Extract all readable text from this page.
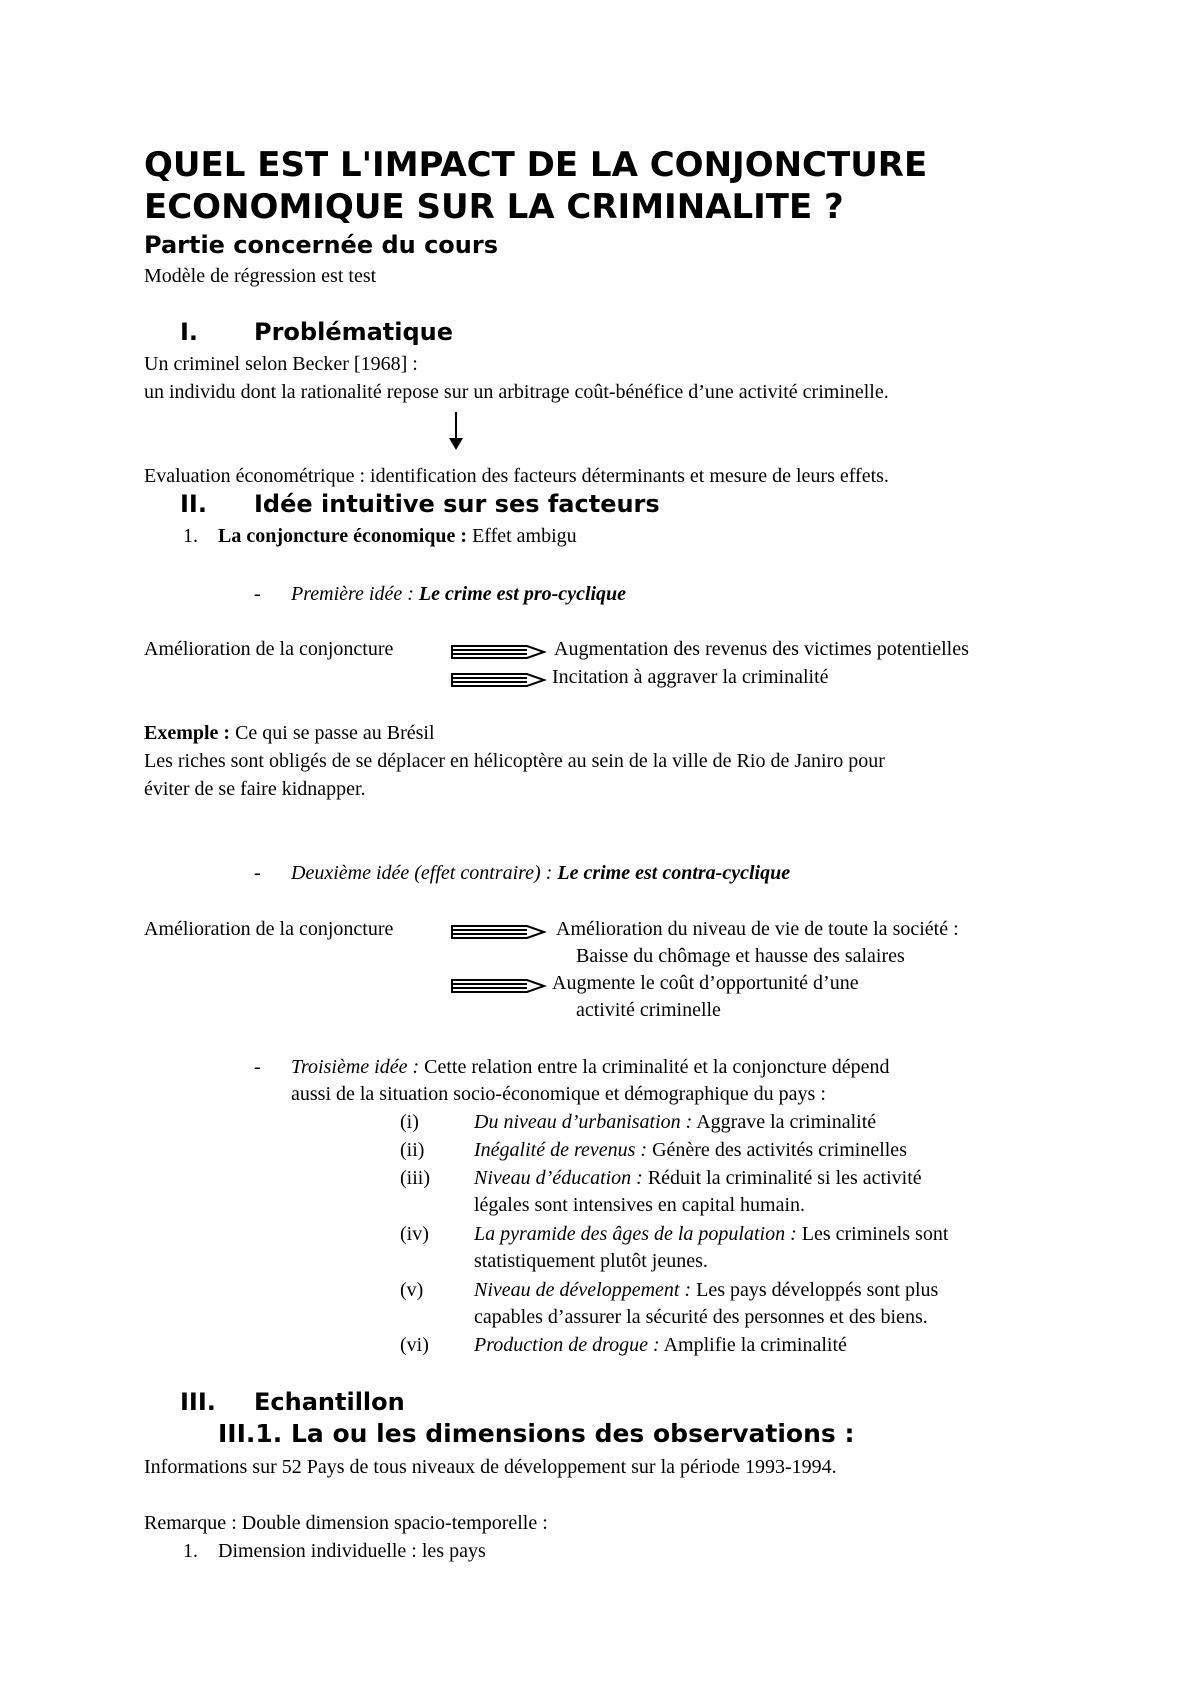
QUEL EST L'IMPACT DE LA CONJONCTURE
ECONOMIQUE SUR LA CRIMINALITE ?
Partie concernée du cours
Modèle de régression est test
I. Problématique
Un criminel selon Becker [1968] :
un individu dont la rationalité repose sur un arbitrage coût-bénéfice d’une activité criminelle.
Evaluation économétrique : identification des facteurs déterminants et mesure de leurs effets.
II. Idée intuitive sur ses facteurs
1. La conjoncture économique : Effet ambigu
- Première idée : Le crime est pro-cyclique
Amélioration de la conjoncture	Augmentation des revenus des victimes potentielles
Incitation à aggraver la criminalité
Exemple : Ce qui se passe au Brésil
Les riches sont obligés de se déplacer en hélicoptère au sein de la ville de Rio de Janiro pour
éviter de se faire kidnapper.
- Deuxième idée (effet contraire) : Le crime est contra-cyclique
Amélioration de la conjoncture	Amélioration du niveau de vie de toute la société :
Baisse du chômage et hausse des salaires
Augmente le coût d’opportunité d’une
activité criminelle
- Troisième idée : Cette relation entre la criminalité et la conjoncture dépend
aussi de la situation socio-économique et démographique du pays :
(i)	Du niveau d’urbanisation : Aggrave la criminalité
(ii) Inégalité de revenus : Génère des activités criminelles
(iii) Niveau d’éducation : Réduit la criminalité si les activité
légales sont intensives en capital humain.
(iv) La pyramide des âges de la population : Les criminels sont
statistiquement plutôt jeunes.
(v)	Niveau de développement : Les pays développés sont plus
capables d’assurer la sécurité des personnes et des biens.
(vi) Production de drogue : Amplifie la criminalité
III. Echantillon
III.1. La ou les dimensions des observations :
Informations sur 52 Pays de tous niveaux de développement sur la période 1993-1994.
Remarque : Double dimension spacio-temporelle :
1. Dimension individuelle : les pays
